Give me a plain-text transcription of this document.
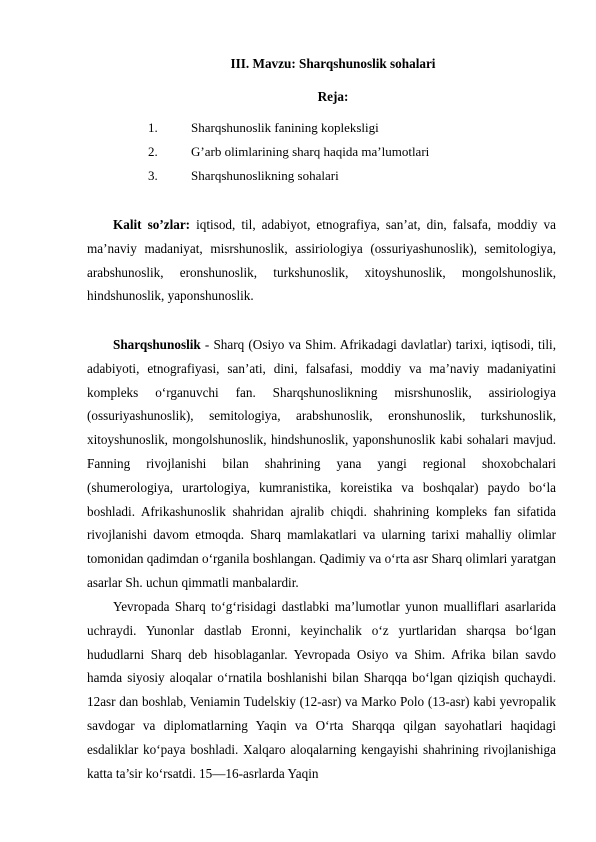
III. Mavzu: Sharqshunoslik sohalari
Reja:
1.	Sharqshunoslik fanining kopleksligi
2.	G’arb olimlarining sharq haqida ma’lumotlari
3.	Sharqshunoslikning sohalari

Kalit so’zlar: iqtisod, til, adabiyot, etnografiya, san’at, din, falsafa, moddiy va ma’naviy madaniyat, misrshunoslik, assiriologiya (ossuriyashunoslik), semitologiya, arabshunoslik, eronshunoslik, turkshunoslik, xitoyshunoslik, mongolshunoslik, hindshunoslik, yaponshunoslik.

Sharqshunoslik - Sharq (Osiyo va Shim. Afrikadagi davlatlar) tarixi, iqtisodi, tili, adabiyoti, etnografiyasi, san’ati, dini, falsafasi, moddiy va ma’naviy madaniyatini kompleks o‘rganuvchi fan. Sharqshunoslikning misrshunoslik, assiriologiya (ossuriyashunoslik), semitologiya, arabshunoslik, eronshunoslik, turkshunoslik, xitoyshunoslik, mongolshunoslik, hindshunoslik, yaponshunoslik kabi sohalari mavjud. Fanning rivojlanishi bilan shahrining yana yangi regional shoxobchalari (shumerologiya, urartologiya, kumranistika, koreistika va boshqalar) paydo bo‘la boshladi. Afrikashunoslik shahridan ajralib chiqdi. shahrining kompleks fan sifatida rivojlanishi davom etmoqda. Sharq mamlakatlari va ularning tarixi mahalliy olimlar tomonidan qadimdan o‘rganila boshlangan. Qadimiy va o‘rta asr Sharq olimlari yaratgan asarlar Sh. uchun qimmatli manbalardir.

Yevropada Sharq to‘g‘risidagi dastlabki ma’lumotlar yunon mualliflari asarlarida uchraydi. Yunonlar dastlab Eronni, keyinchalik o‘z yurtlaridan sharqsa bo‘lgan hududlarni Sharq deb hisoblaganlar. Yevropada Osiyo va Shim. Afrika bilan savdo hamda siyosiy aloqalar o‘rnatila boshlanishi bilan Sharqqa bo‘lgan qiziqish quchaydi. 12asr dan boshlab, Veniamin Tudelskiy (12-asr) va Marko Polo (13-asr) kabi yevropalik savdogar va diplomatlarning Yaqin va O‘rta Sharqqa qilgan sayohatlari haqidagi esdaliklar ko‘paya boshladi. Xalqaro aloqalarning kengayishi shahrining rivojlanishiga katta ta’sir ko‘rsatdi. 15—16-asrlarda Yaqin
